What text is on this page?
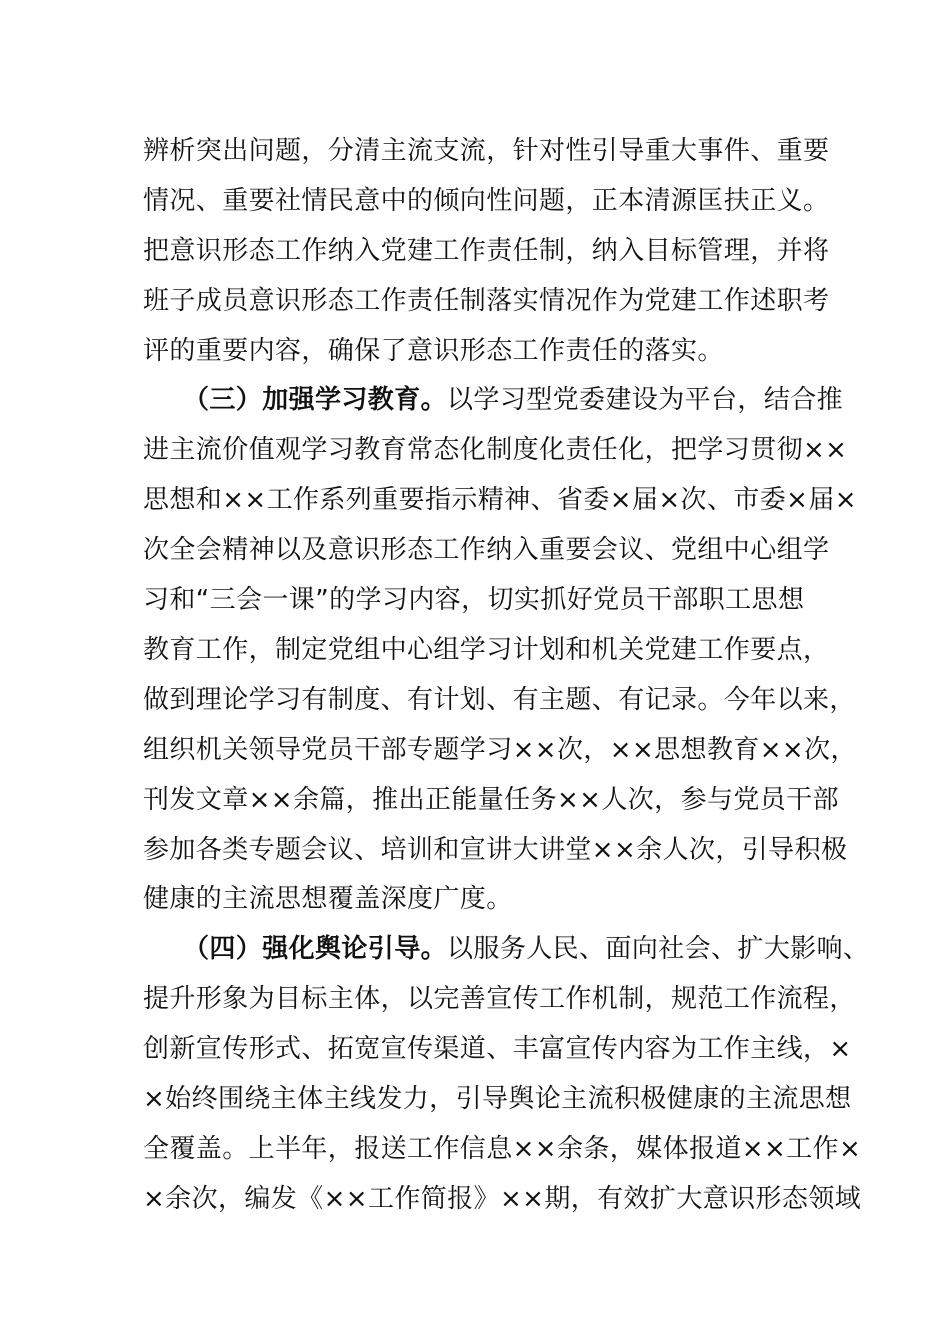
辨析突出问题，分清主流支流，针对性引导重大事件、重要
情况、重要社情民意中的倾向性问题，正本清源匡扶正义。
把意识形态工作纳入党建工作责任制，纳入目标管理，并将
班子成员意识形态工作责任制落实情况作为党建工作述职考
评的重要内容，确保了意识形态工作责任的落实。
（三）加强学习教育。以学习型党委建设为平台，结合推
进主流价值观学习教育常态化制度化责任化，把学习贯彻××
思想和××工作系列重要指示精神、省委×届×次、市委×届×
次全会精神以及意识形态工作纳入重要会议、党组中心组学
习和“三会一课”的学习内容，切实抓好党员干部职工思想
教育工作，制定党组中心组学习计划和机关党建工作要点，
做到理论学习有制度、有计划、有主题、有记录。今年以来，
组织机关领导党员干部专题学习××次，××思想教育××次，
刊发文章××余篇，推出正能量任务××人次，参与党员干部
参加各类专题会议、培训和宣讲大讲堂××余人次，引导积极
健康的主流思想覆盖深度广度。
（四）强化舆论引导。以服务人民、面向社会、扩大影响、
提升形象为目标主体，以完善宣传工作机制，规范工作流程，
创新宣传形式、拓宽宣传渠道、丰富宣传内容为工作主线，×
×始终围绕主体主线发力，引导舆论主流积极健康的主流思想
全覆盖。上半年，报送工作信息××余条，媒体报道××工作×
×余次，编发《××工作简报》××期，有效扩大意识形态领域
